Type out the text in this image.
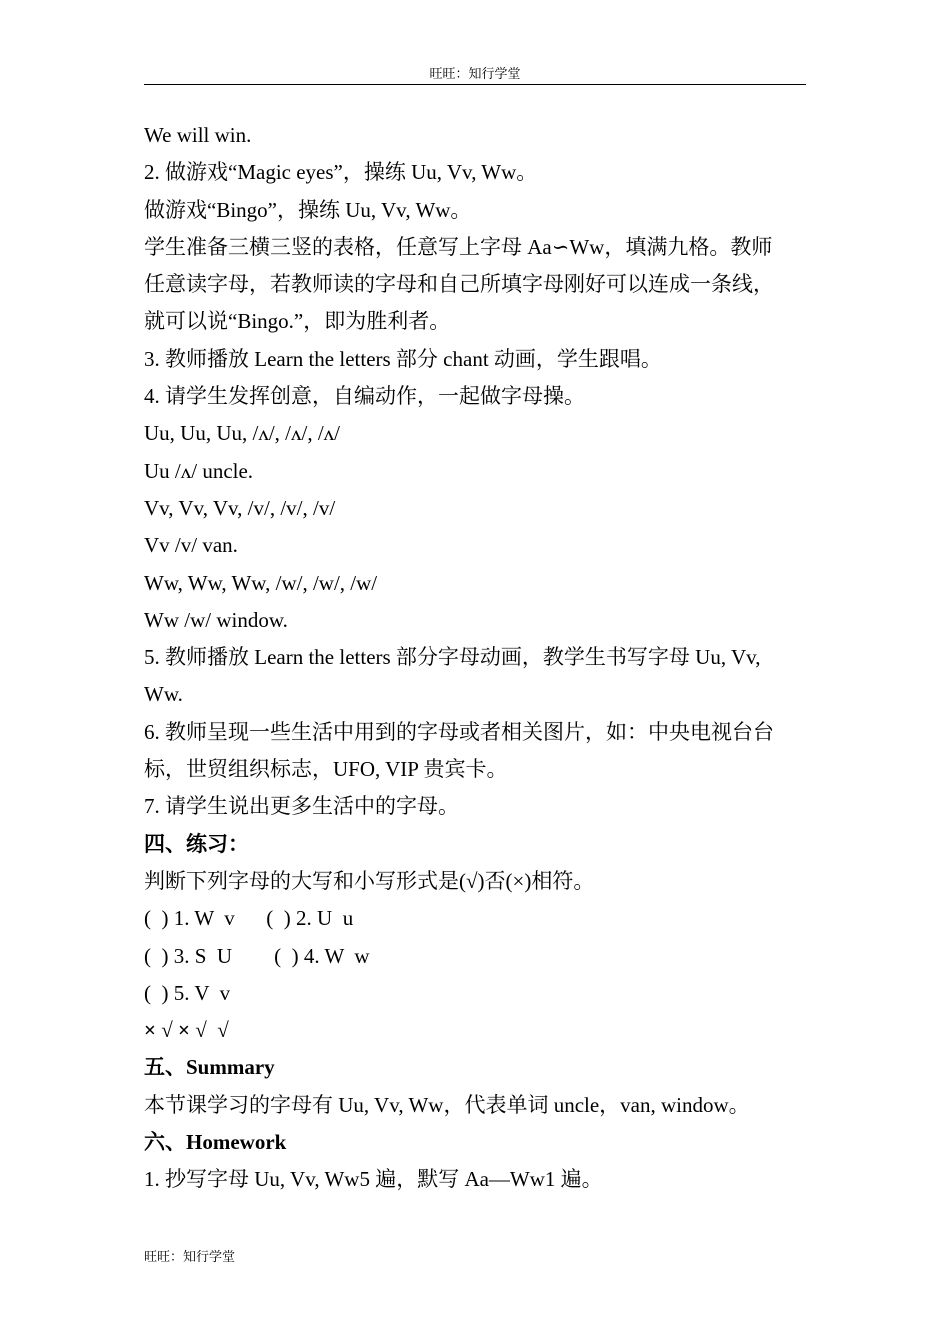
旺旺：知行学堂
We will win.
2. 做游戏“Magic eyes”，操练 Uu, Vv, Ww。
做游戏“Bingo”，操练 Uu, Vv, Ww。
学生准备三横三竖的表格，任意写上字母 Aa∽Ww，填满九格。教师
任意读字母，若教师读的字母和自己所填字母刚好可以连成一条线，
就可以说“Bingo.”，即为胜利者。
3. 教师播放 Learn the letters 部分 chant 动画，学生跟唱。
4. 请学生发挥创意，自编动作，一起做字母操。
Uu, Uu, Uu, /ʌ/, /ʌ/, /ʌ/
Uu /ʌ/ uncle.
Vv, Vv, Vv, /v/, /v/, /v/
Vv /v/ van.
Ww, Ww, Ww, /w/, /w/, /w/
Ww /w/ window.
5. 教师播放 Learn the letters 部分字母动画，教学生书写字母 Uu, Vv,
Ww.
6. 教师呈现一些生活中用到的字母或者相关图片，如：中央电视台台
标，世贸组织标志，UFO, VIP 贵宾卡。
7. 请学生说出更多生活中的字母。
四、练习：
判断下列字母的大写和小写形式是(√)否(×)相符。
(  ) 1. W  v      (  ) 2. U  u
(  ) 3. S  U        (  ) 4. W  w
(  ) 5. V  v
× √ × √  √
五、Summary
本节课学习的字母有 Uu, Vv, Ww，代表单词 uncle，van, window。
六、Homework
1. 抄写字母 Uu, Vv, Ww5 遍，默写 Aa—Ww1 遍。
旺旺：知行学堂
